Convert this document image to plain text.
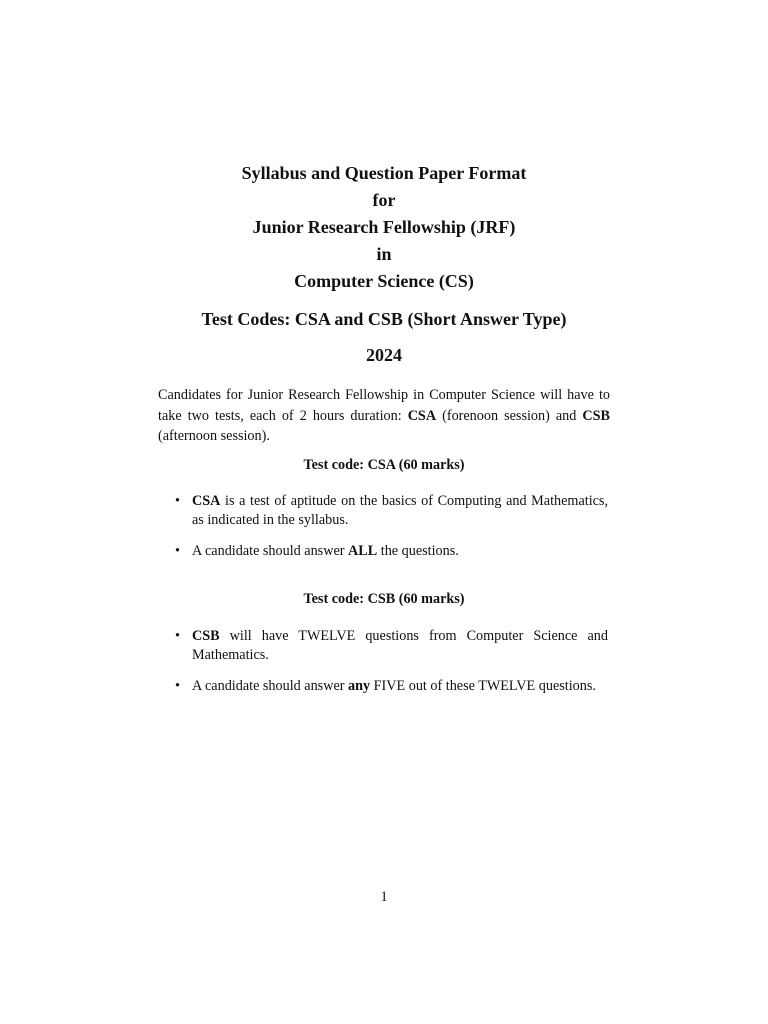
Syllabus and Question Paper Format
for
Junior Research Fellowship (JRF)
in
Computer Science (CS)
Test Codes: CSA and CSB (Short Answer Type)
2024

Candidates for Junior Research Fellowship in Computer Science will have to take two tests, each of 2 hours duration: CSA (forenoon session) and CSB (afternoon session).

Test code: CSA (60 marks)
• CSA is a test of aptitude on the basics of Computing and Mathematics, as indicated in the syllabus.
• A candidate should answer ALL the questions.
Test code: CSB (60 marks)
• CSB will have TWELVE questions from Computer Science and Mathematics.
• A candidate should answer any FIVE out of these TWELVE questions.
1
